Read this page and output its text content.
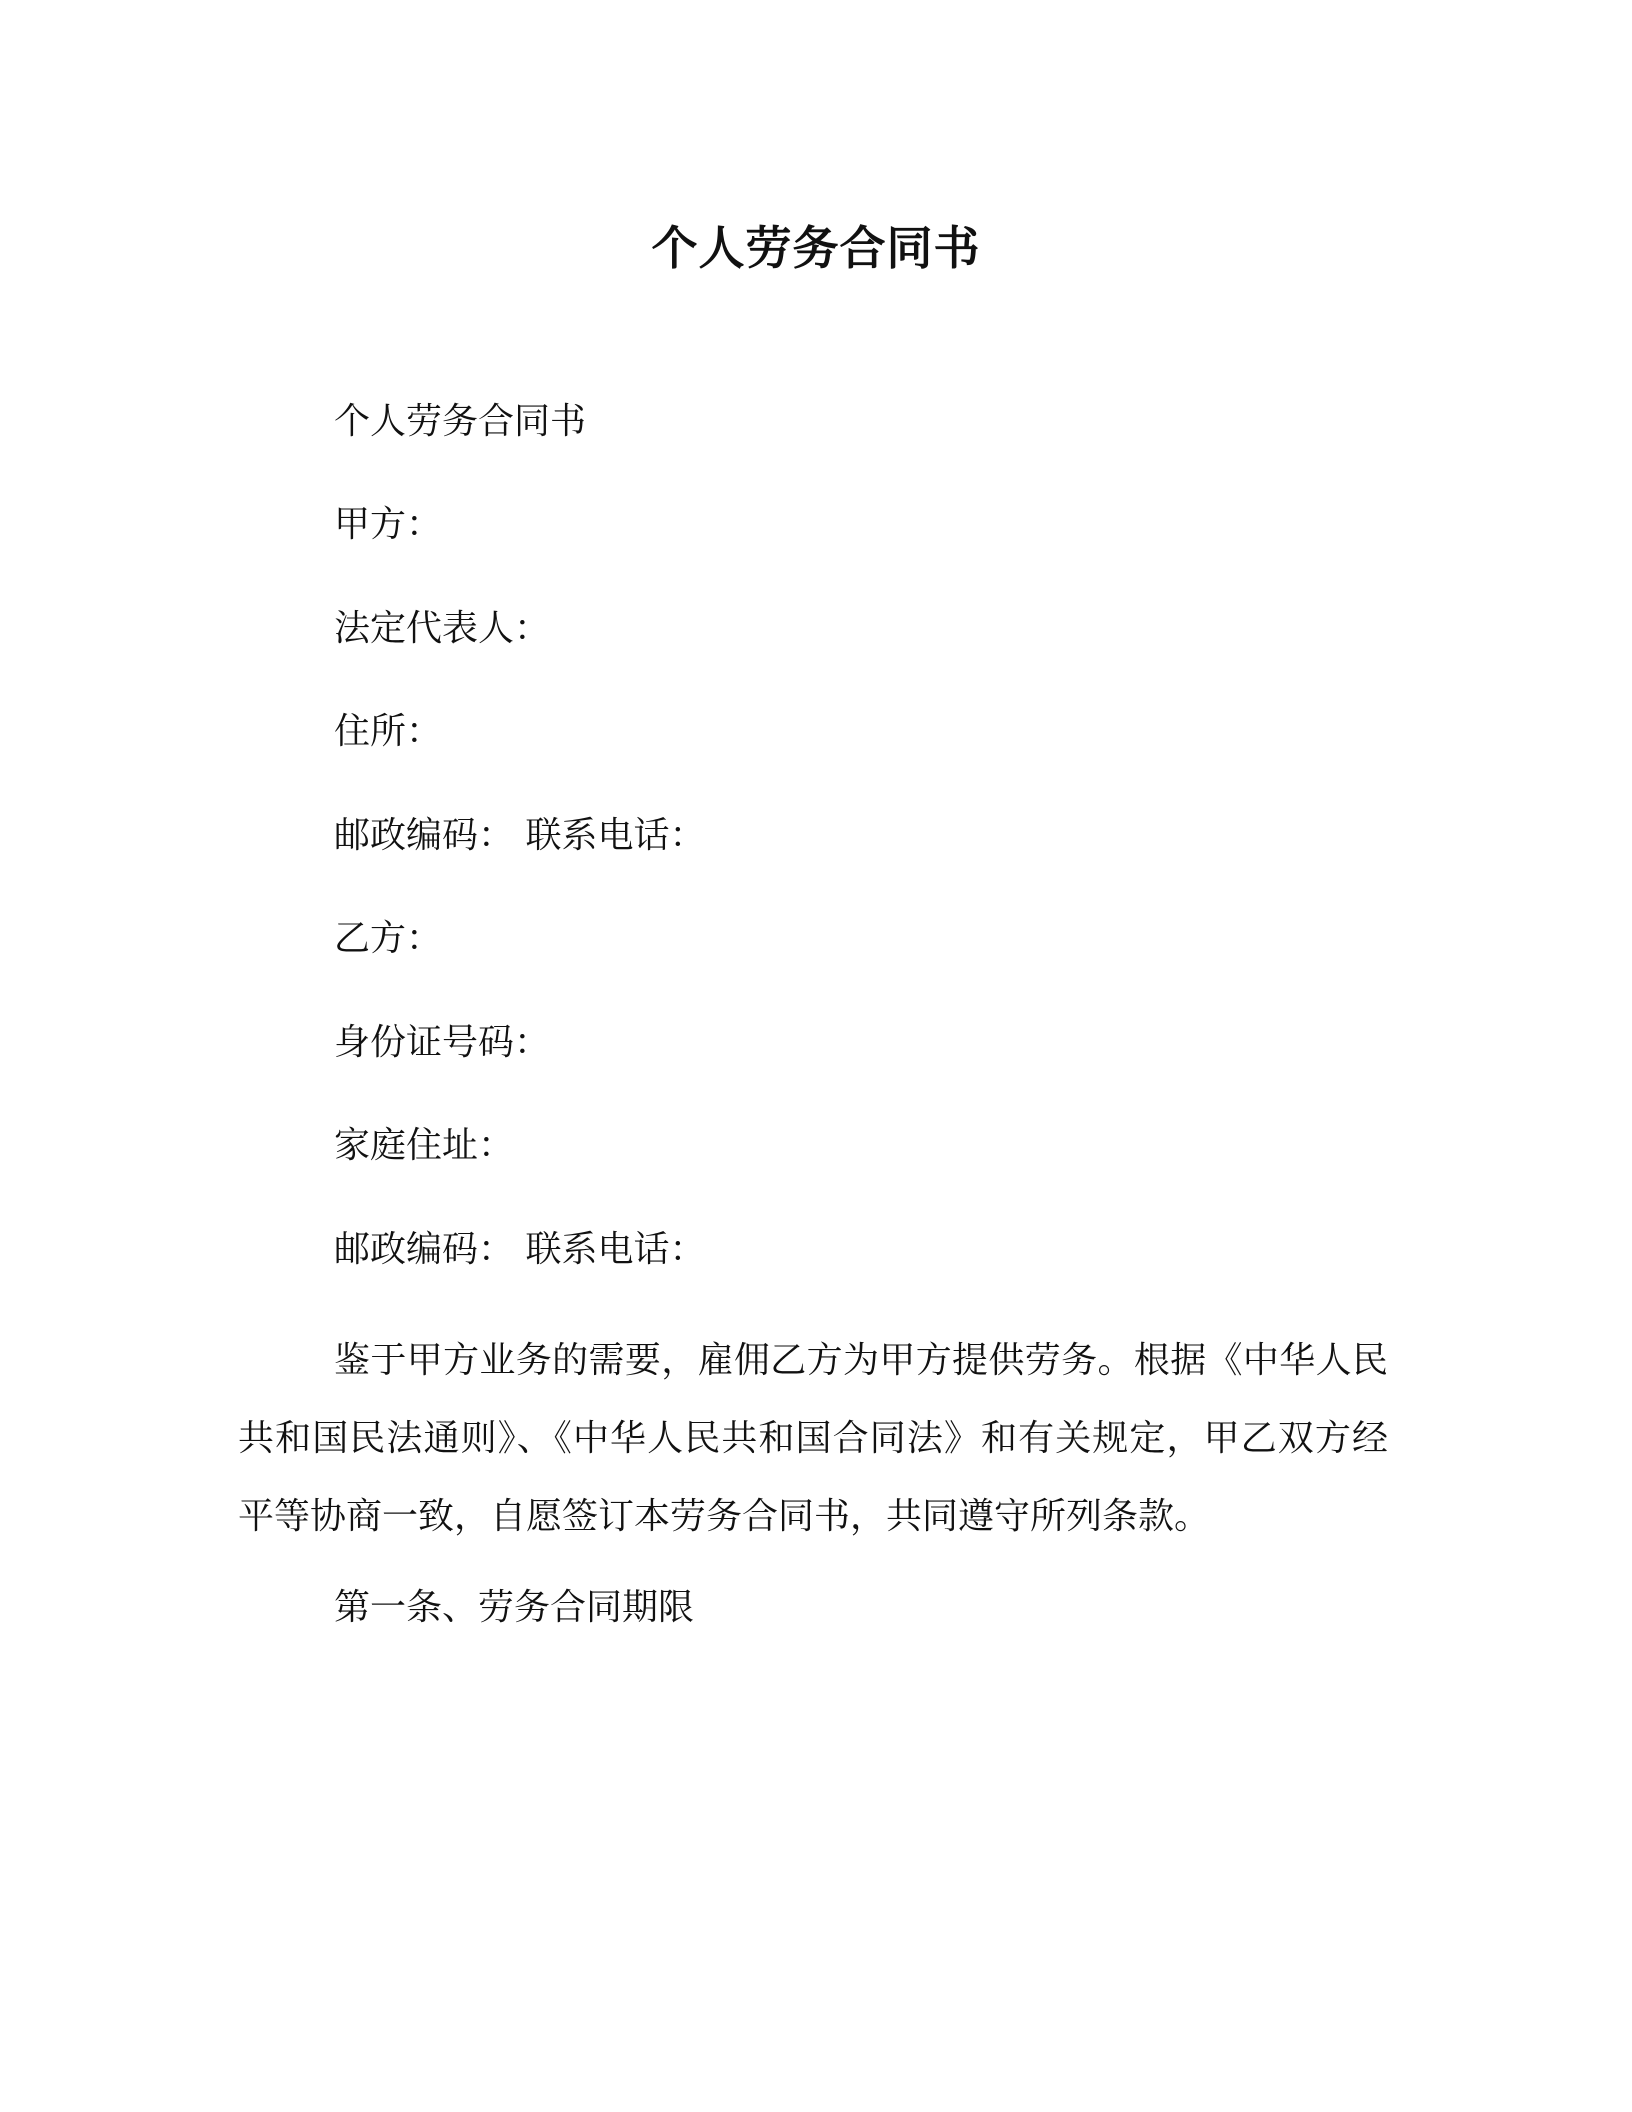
个人劳务合同书
个人劳务合同书
甲方：
法定代表人：
住所：
邮政编码： 联系电话：
乙方：
身份证号码：
家庭住址：
邮政编码： 联系电话：

鉴于甲方业务的需要，雇佣乙方为甲方提供劳务。根据《中华人民共和国民法通则》、《中华人民共和国合同法》和有关规定，甲乙双方经平等协商一致，自愿签订本劳务合同书，共同遵守所列条款。

第一条、劳务合同期限
